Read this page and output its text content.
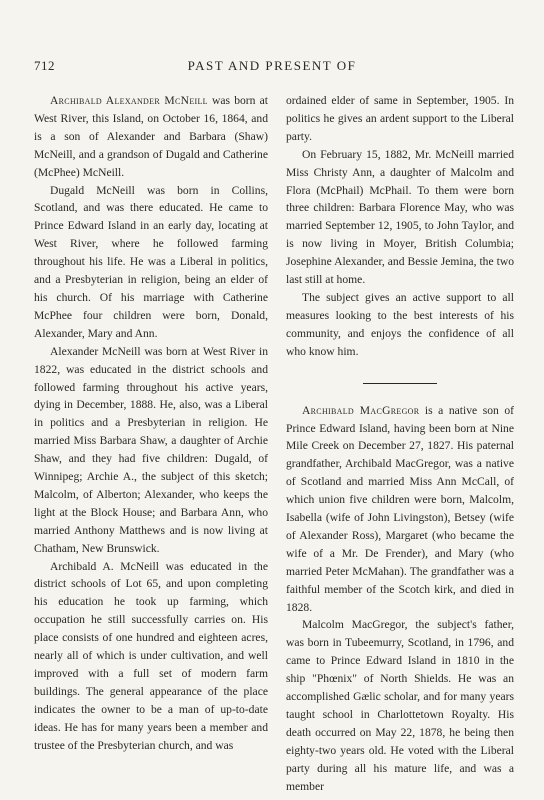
712	PAST AND PRESENT OF

Archibald Alexander McNeill was born at West River, this Island, on October 16, 1864, and is a son of Alexander and Barbara (Shaw) McNeill, and a grandson of Dugald and Catherine (McPhee) McNeill.

Dugald McNeill was born in Collins, Scotland, and was there educated. He came to Prince Edward Island in an early day, locating at West River, where he followed farming throughout his life. He was a Liberal in politics, and a Presbyterian in religion, being an elder of his church. Of his marriage with Catherine McPhee four children were born, Donald, Alexander, Mary and Ann.

Alexander McNeill was born at West River in 1822, was educated in the district schools and followed farming throughout his active years, dying in December, 1888. He, also, was a Liberal in politics and a Presbyterian in religion. He married Miss Barbara Shaw, a daughter of Archie Shaw, and they had five children: Dugald, of Winnipeg; Archie A., the subject of this sketch; Malcolm, of Alberton; Alexander, who keeps the light at the Block House; and Barbara Ann, who married Anthony Matthews and is now living at Chatham, New Brunswick.

Archibald A. McNeill was educated in the district schools of Lot 65, and upon completing his education he took up farming, which occupation he still successfully carries on. His place consists of one hundred and eighteen acres, nearly all of which is under cultivation, and well improved with a full set of modern farm buildings. The general appearance of the place indicates the owner to be a man of up-to-date ideas. He has for many years been a member and trustee of the Presbyterian church, and was

ordained elder of same in September, 1905. In politics he gives an ardent support to the Liberal party.

On February 15, 1882, Mr. McNeill married Miss Christy Ann, a daughter of Malcolm and Flora (McPhail) McPhail. To them were born three children: Barbara Florence May, who was married September 12, 1905, to John Taylor, and is now living in Moyer, British Columbia; Josephine Alexander, and Bessie Jemina, the two last still at home.

The subject gives an active support to all measures looking to the best interests of his community, and enjoys the confidence of all who know him.

Archibald MacGregor is a native son of Prince Edward Island, having been born at Nine Mile Creek on December 27, 1827. His paternal grandfather, Archibald MacGregor, was a native of Scotland and married Miss Ann McCall, of which union five children were born, Malcolm, Isabella (wife of John Livingston), Betsey (wife of Alexander Ross), Margaret (who became the wife of a Mr. De Frender), and Mary (who married Peter McMahan). The grandfather was a faithful member of the Scotch kirk, and died in 1828.

Malcolm MacGregor, the subject's father, was born in Tubeemurry, Scotland, in 1796, and came to Prince Edward Island in 1810 in the ship "Phœnix" of North Shields. He was an accomplished Gælic scholar, and for many years taught school in Charlottetown Royalty. His death occurred on May 22, 1878, he being then eighty-two years old. He voted with the Liberal party during all his mature life, and was a member
